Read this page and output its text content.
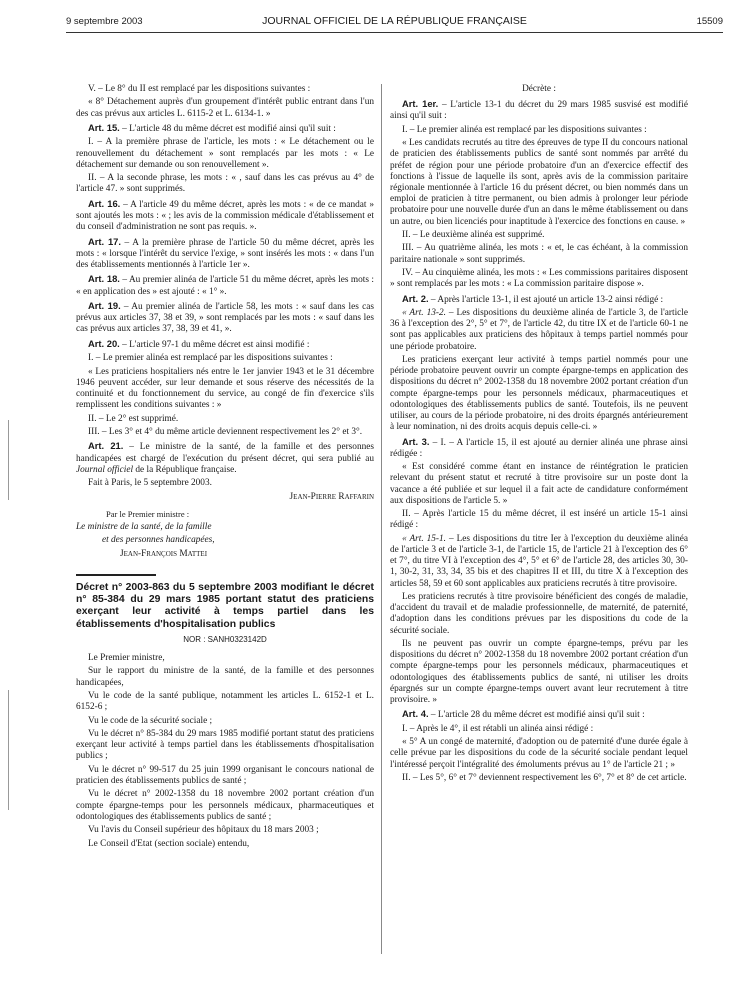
9 septembre 2003	JOURNAL OFFICIEL DE LA RÉPUBLIQUE FRANÇAISE	15509

V. – Le 8° du II est remplacé par les dispositions suivantes :

« 8° Détachement auprès d'un groupement d'intérêt public entrant dans l'un des cas prévus aux articles L. 6115-2 et L. 6134-1. »

Art. 15. – L'article 48 du même décret est modifié ainsi qu'il suit :

I. – A la première phrase de l'article, les mots : « Le détachement ou le renouvellement du détachement » sont remplacés par les mots : « Le détachement sur demande ou son renouvellement ».

II. – A la seconde phrase, les mots : « , sauf dans les cas prévus au 4° de l'article 47. » sont supprimés.

Art. 16. – A l'article 49 du même décret, après les mots : « de ce mandat » sont ajoutés les mots : « ; les avis de la commission médicale d'établissement et du conseil d'administration ne sont pas requis. ».

Art. 17. – A la première phrase de l'article 50 du même décret, après les mots : « lorsque l'intérêt du service l'exige, » sont insérés les mots : « dans l'un des établissements mentionnés à l'article 1er ».

Art. 18. – Au premier alinéa de l'article 51 du même décret, après les mots : « en application des » est ajouté : « 1° ».

Art. 19. – Au premier alinéa de l'article 58, les mots : « sauf dans les cas prévus aux articles 37, 38 et 39, » sont remplacés par les mots : « sauf dans les cas prévus aux articles 37, 38, 39 et 41, ».

Art. 20. – L'article 97-1 du même décret est ainsi modifié :

I. – Le premier alinéa est remplacé par les dispositions suivantes :

« Les praticiens hospitaliers nés entre le 1er janvier 1943 et le 31 décembre 1946 peuvent accéder, sur leur demande et sous réserve des nécessités de la continuité et du fonctionnement du service, au congé de fin d'exercice s'ils remplissent les conditions suivantes : »

II. – Le 2° est supprimé.

III. – Les 3° et 4° du même article deviennent respectivement les 2° et 3°.

Art. 21. – Le ministre de la santé, de la famille et des personnes handicapées est chargé de l'exécution du présent décret, qui sera publié au Journal officiel de la République française.

Fait à Paris, le 5 septembre 2003.

Jean-Pierre Raffarin

Par le Premier ministre :

Le ministre de la santé, de la famille

et des personnes handicapées,

Jean-François Mattei

Décret n° 2003-863 du 5 septembre 2003 modifiant le décret n° 85-384 du 29 mars 1985 portant statut des praticiens exerçant leur activité à temps partiel dans les établissements d'hospitalisation publics
NOR : SANH0323142D

Le Premier ministre,

Sur le rapport du ministre de la santé, de la famille et des personnes handicapées,

Vu le code de la santé publique, notamment les articles L. 6152-1 et L. 6152-6 ;

Vu le code de la sécurité sociale ;

Vu le décret n° 85-384 du 29 mars 1985 modifié portant statut des praticiens exerçant leur activité à temps partiel dans les établissements d'hospitalisation publics ;

Vu le décret n° 99-517 du 25 juin 1999 organisant le concours national de praticien des établissements publics de santé ;

Vu le décret n° 2002-1358 du 18 novembre 2002 portant création d'un compte épargne-temps pour les personnels médicaux, pharmaceutiques et odontologiques des établissements publics de santé ;

Vu l'avis du Conseil supérieur des hôpitaux du 18 mars 2003 ;

Le Conseil d'Etat (section sociale) entendu,

Décrète :

Art. 1er. – L'article 13-1 du décret du 29 mars 1985 susvisé est modifié ainsi qu'il suit :

I. – Le premier alinéa est remplacé par les dispositions suivantes :

« Les candidats recrutés au titre des épreuves de type II du concours national de praticien des établissements publics de santé sont nommés par arrêté du préfet de région pour une période probatoire d'un an d'exercice effectif des fonctions à l'issue de laquelle ils sont, après avis de la commission paritaire régionale mentionnée à l'article 16 du présent décret, ou bien nommés dans un emploi de praticien à titre permanent, ou bien admis à prolonger leur période probatoire pour une nouvelle durée d'un an dans le même établissement ou dans un autre, ou bien licenciés pour inaptitude à l'exercice des fonctions en cause. »

II. – Le deuxième alinéa est supprimé.

III. – Au quatrième alinéa, les mots : « et, le cas échéant, à la commission paritaire nationale » sont supprimés.

IV. – Au cinquième alinéa, les mots : « Les commissions paritaires disposent » sont remplacés par les mots : « La commission paritaire dispose ».

Art. 2. – Après l'article 13-1, il est ajouté un article 13-2 ainsi rédigé :

« Art. 13-2. – Les dispositions du deuxième alinéa de l'article 3, de l'article 36 à l'exception des 2°, 5° et 7°, de l'article 42, du titre IX et de l'article 60-1 ne sont pas applicables aux praticiens des hôpitaux à temps partiel nommés pour une période probatoire.

Les praticiens exerçant leur activité à temps partiel nommés pour une période probatoire peuvent ouvrir un compte épargne-temps en application des dispositions du décret n° 2002-1358 du 18 novembre 2002 portant création d'un compte épargne-temps pour les personnels médicaux, pharmaceutiques et odontologiques des établissements publics de santé. Toutefois, ils ne peuvent utiliser, au cours de la période probatoire, ni des droits épargnés antérieurement à leur nomination, ni des droits acquis depuis celle-ci. »

Art. 3. – I. – A l'article 15, il est ajouté au dernier alinéa une phrase ainsi rédigée :

« Est considéré comme étant en instance de réintégration le praticien relevant du présent statut et recruté à titre provisoire sur un poste dont la vacance a été publiée et sur lequel il a fait acte de candidature conformément aux dispositions de l'article 5. »

II. – Après l'article 15 du même décret, il est inséré un article 15-1 ainsi rédigé :

« Art. 15-1. – Les dispositions du titre Ier à l'exception du deuxième alinéa de l'article 3 et de l'article 3-1, de l'article 15, de l'article 21 à l'exception des 6° et 7°, du titre VI à l'exception des 4°, 5° et 6° de l'article 28, des articles 30, 30-1, 30-2, 31, 33, 34, 35 bis et des chapitres II et III, du titre X à l'exception des articles 58, 59 et 60 sont applicables aux praticiens recrutés à titre provisoire.

Les praticiens recrutés à titre provisoire bénéficient des congés de maladie, d'accident du travail et de maladie professionnelle, de maternité, de paternité, d'adoption dans les conditions prévues par les dispositions du code de la sécurité sociale.

Ils ne peuvent pas ouvrir un compte épargne-temps, prévu par les dispositions du décret n° 2002-1358 du 18 novembre 2002 portant création d'un compte épargne-temps pour les personnels médicaux, pharmaceutiques et odontologiques des établissements publics de santé, ni utiliser les droits épargnés sur un compte épargne-temps ouvert avant leur recrutement à titre provisoire. »

Art. 4. – L'article 28 du même décret est modifié ainsi qu'il suit :

I. – Après le 4°, il est rétabli un alinéa ainsi rédigé :

« 5° A un congé de maternité, d'adoption ou de paternité d'une durée égale à celle prévue par les dispositions du code de la sécurité sociale pendant lequel l'intéressé perçoit l'intégralité des émoluments prévus au 1° de l'article 21 ; »

II. – Les 5°, 6° et 7° deviennent respectivement les 6°, 7° et 8° de cet article.
